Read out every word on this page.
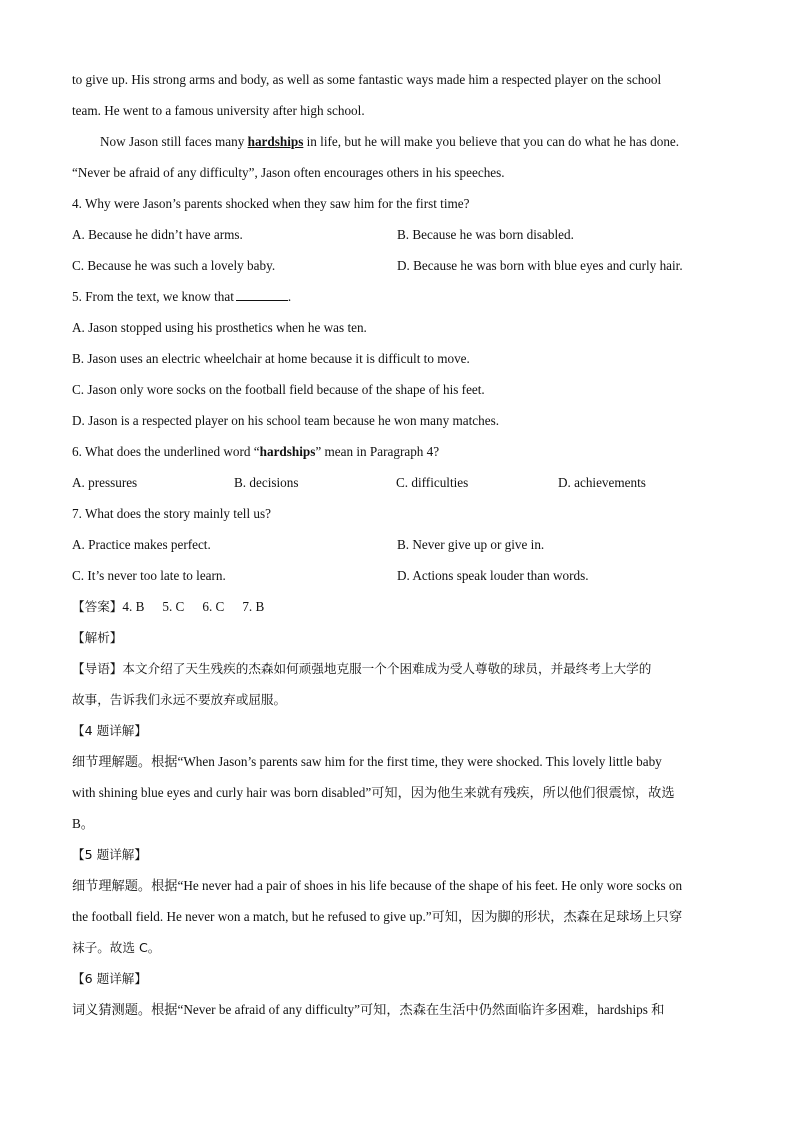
to give up. His strong arms and body, as well as some fantastic ways made him a respected player on the school
team. He went to a famous university after high school.
Now Jason still faces many hardships in life, but he will make you believe that you can do what he has done.
“Never be afraid of any difficulty”, Jason often encourages others in his speeches.
4. Why were Jason’s parents shocked when they saw him for the first time?
A. Because he didn’t have arms.	B. Because he was born disabled.
C. Because he was such a lovely baby.	D. Because he was born with blue eyes and curly hair.
5. From the text, we know that	.
A. Jason stopped using his prosthetics when he was ten.
B. Jason uses an electric wheelchair at home because it is difficult to move.
C. Jason only wore socks on the football field because of the shape of his feet.
D. Jason is a respected player on his school team because he won many matches.
6. What does the underlined word “hardships” mean in Paragraph 4?
A. pressures	B. decisions	C. difficulties	D. achievements
7. What does the story mainly tell us?
A. Practice makes perfect.	B. Never give up or give in.
C. It’s never too late to learn.	D. Actions speak louder than words.
【答案】4. B 5. C 6. C 7. B
【解析】
【导语】本文介绍了天生残疾的杰森如何顽强地克服一个个困难成为受人尊敬的球员，并最终考上大学的
故事，告诉我们永远不要放弃或屈服。
【4 题详解】
细节理解题。根据“When Jason’s parents saw him for the first time, they were shocked. This lovely little baby
with shining blue eyes and curly hair was born disabled”可知，因为他生来就有残疾，所以他们很震惊，故选
B。
【5 题详解】
细节理解题。根据“He never had a pair of shoes in his life because of the shape of his feet. He only wore socks on
the football field. He never won a match, but he refused to give up.”可知，因为脚的形状，杰森在足球场上只穿
袜子。故选 C。
【6 题详解】
词义猜测题。根据“Never be afraid of any difficulty”可知，杰森在生活中仍然面临许多困难，hardships 和
